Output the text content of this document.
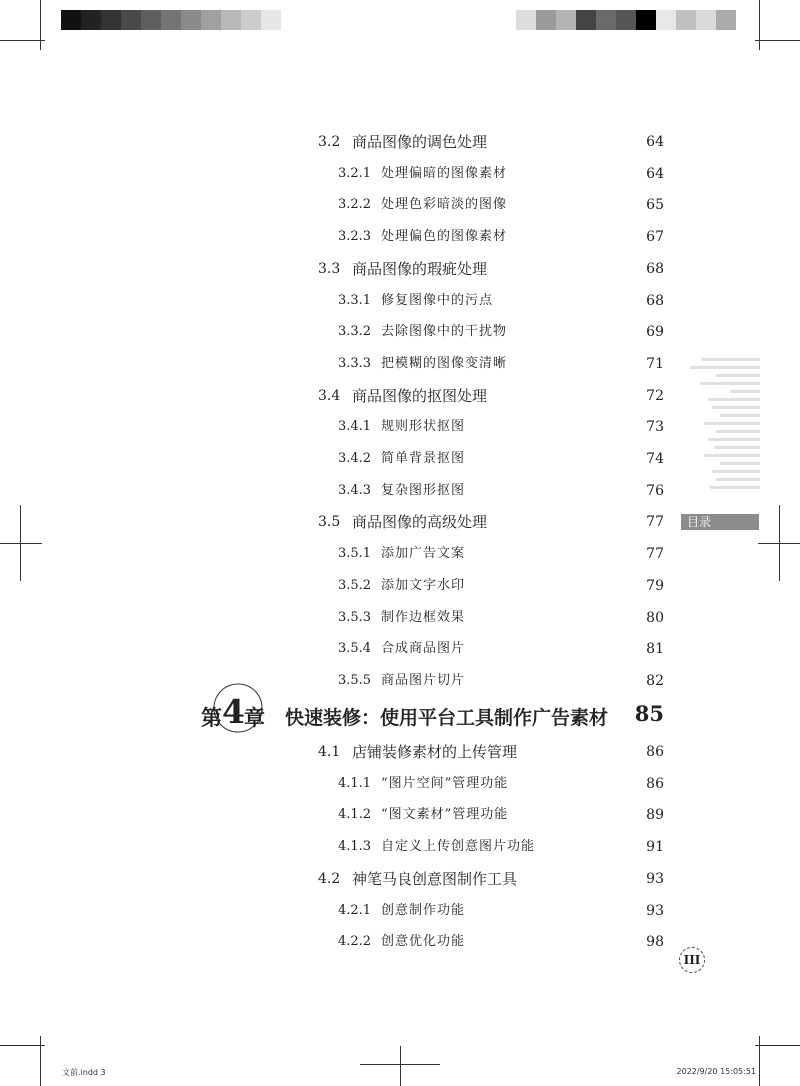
目录
3.2 商品图像的调色处理	64
3.2.1 处理偏暗的图像素材	64
3.2.2 处理色彩暗淡的图像	65
3.2.3 处理偏色的图像素材	67
3.3 商品图像的瑕疵处理	68
3.3.1 修复图像中的污点	68
3.3.2 去除图像中的干扰物	69
3.3.3 把模糊的图像变清晰	71
3.4 商品图像的抠图处理	72
3.4.1 规则形状抠图	73
3.4.2 简单背景抠图	74
3.4.3 复杂图形抠图	76
3.5 商品图像的高级处理	77
3.5.1 添加广告文案	77
3.5.2 添加文字水印	79
3.5.3 制作边框效果	80
3.5.4 合成商品图片	81
3.5.5 商品图片切片	82
第 4 章 快速装修：使用平台工具制作广告素材 85
4.1 店铺装修素材的上传管理	86
4.1.1 “图片空间”管理功能	86
4.1.2 “图文素材”管理功能	89
4.1.3 自定义上传创意图片功能	91
4.2 神笔马良创意图制作工具	93
4.2.1 创意制作功能	93
4.2.2 创意优化功能	98
III
文前.indd 3	2022/9/20 15:05:51
